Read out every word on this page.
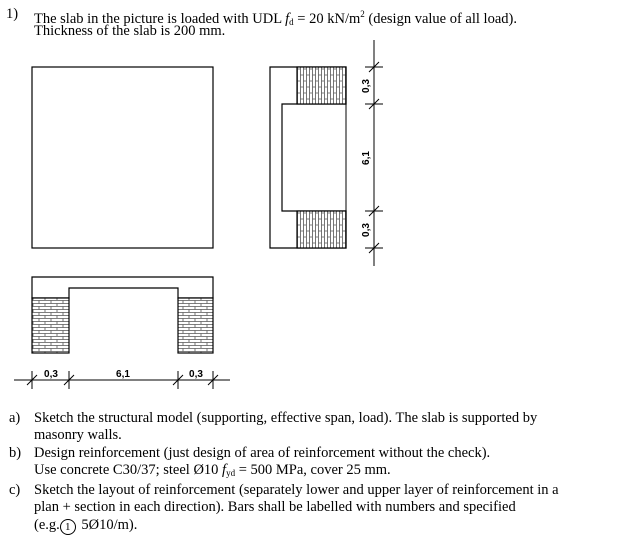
1) The slab in the picture is loaded with UDL $f_d = 20$ $kN/m^2$ (design value of all load).
Thickness of the slab is 200 mm.
0,3
6,1
0,3
0,3	6,1	0,3
a) Sketch the structural model (supporting, effective span, load). The slab is supported by
masonry walls.
b) Design reinforcement (just design of area of reinforcement without the check).
Use concrete C30/37; steel Ø10 $f_{yd} = 500$ MPa, cover 25 mm.
c) Sketch the layout of reinforcement (separately lower and upper layer of reinforcement in a
plan + section in each direction). Bars shall be labelled with numbers and specified
(e.g. 1 5Ø10/m).
